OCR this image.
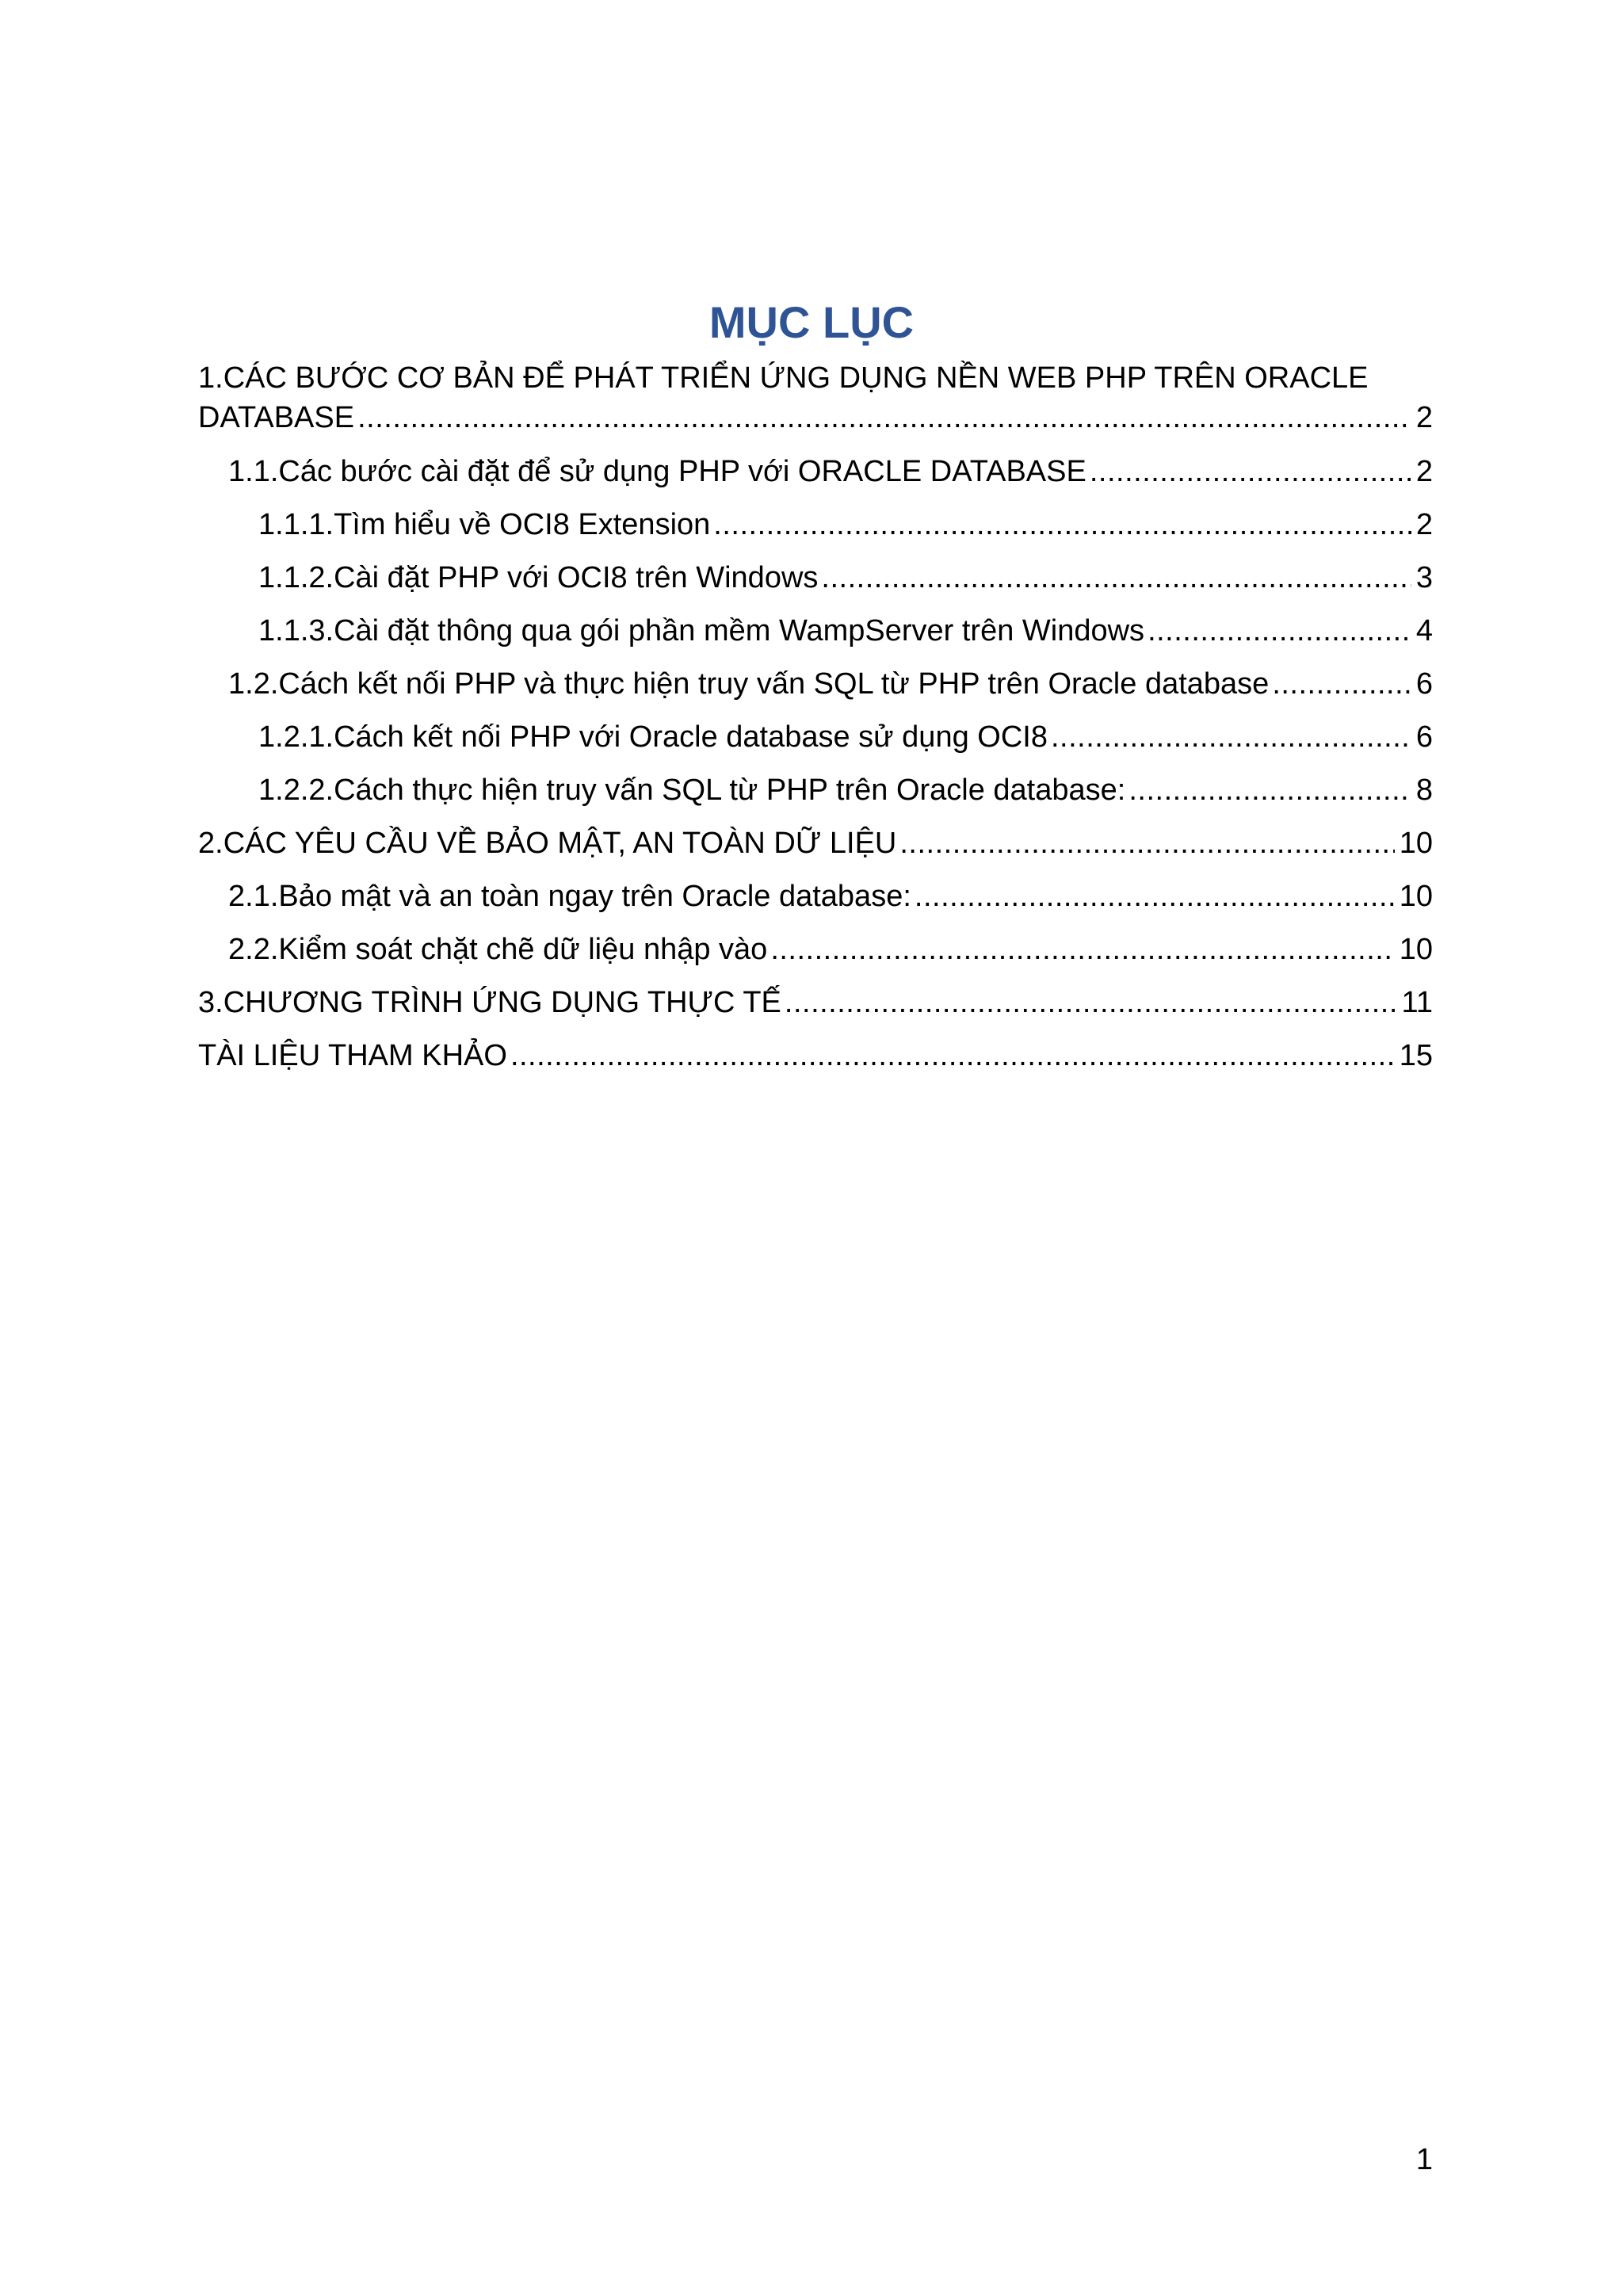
MỤC LỤC
1.CÁC BƯỚC CƠ BẢN ĐỂ PHÁT TRIỂN ỨNG DỤNG NỀN WEB PHP TRÊN ORACLE
DATABASE .....	2
1.1.Các bước cài đặt để sử dụng PHP với ORACLE DATABASE .....	2
1.1.1.Tìm hiểu về OCI8 Extension .....	2
1.1.2.Cài đặt PHP với OCI8 trên Windows .....	3
1.1.3.Cài đặt thông qua gói phần mềm WampServer trên Windows .....	4
1.2.Cách kết nối PHP và thực hiện truy vấn SQL từ PHP trên Oracle database .....	6
1.2.1.Cách kết nối PHP với Oracle database sử dụng OCI8 .....	6
1.2.2.Cách thực hiện truy vấn SQL từ PHP trên Oracle database: .....	8
2.CÁC YÊU CẦU VỀ BẢO MẬT, AN TOÀN DỮ LIỆU .....	10
2.1.Bảo mật và an toàn ngay trên Oracle database: .....	10
2.2.Kiểm soát chặt chẽ dữ liệu nhập vào .....	10
3.CHƯƠNG TRÌNH ỨNG DỤNG THỰC TẾ .....	11
TÀI LIỆU THAM KHẢO .....	15
1
